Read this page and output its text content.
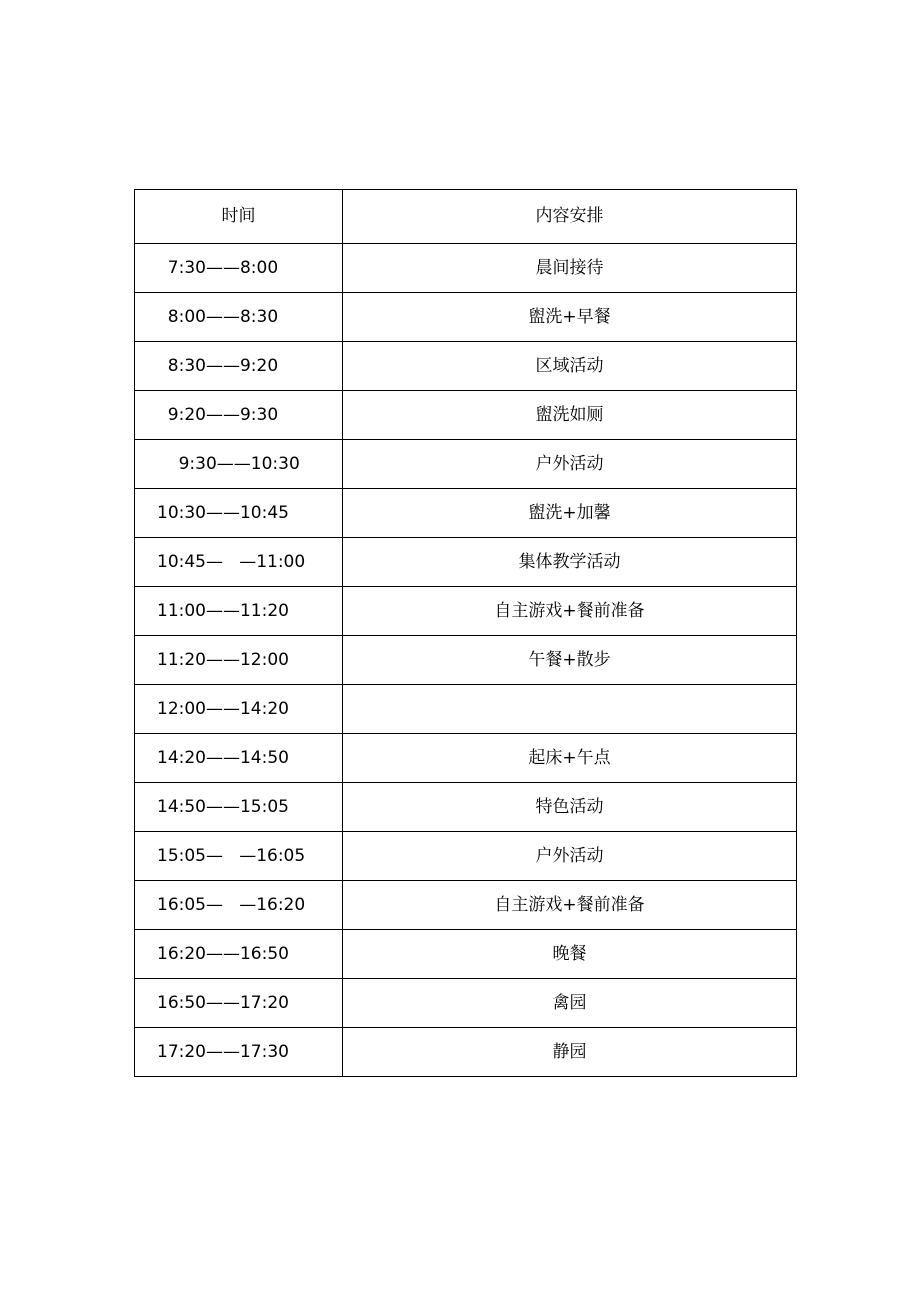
时间	内容安排
7:30——8:00	晨间接待
8:00——8:30	盥洗+早餐
8:30——9:20	区域活动
9:20——9:30	盥洗如厕
9:30——10:30	户外活动
10:30——10:45	盥洗+加馨
10:45—   —11:00	集体教学活动
11:00——11:20	自主游戏+餐前准备
11:20——12:00	午餐+散步
12:00——14:20	
14:20——14:50	起床+午点
14:50——15:05	特色活动
15:05—   —16:05	户外活动
16:05—   —16:20	自主游戏+餐前准备
16:20——16:50	晚餐
16:50——17:20	禽园
17:20——17:30	静园
